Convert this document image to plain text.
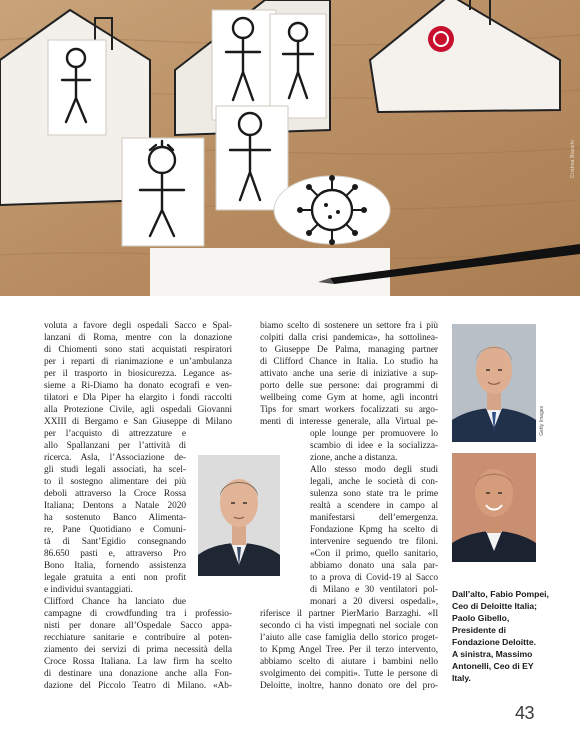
Cristina Bianchi
voluta a favore degli ospedali Sacco e Spal-
lanzani di Roma, mentre con la donazione
di Chiomenti sono stati acquistati respiratori
per i reparti di rianimazione e un’ambulanza
per il trasporto in biosicurezza. Legance as-
sieme a Ri-Diamo ha donato ecografi e ven-
tilatori e Dla Piper ha elargito i fondi raccolti
alla Protezione Civile, agli ospedali Giovanni
XXIII di Bergamo e San Giuseppe di Milano
per l’acquisto di attrezzature e
allo Spallanzani per l’attività di
ricerca. Asla, l’Associazione de-
gli studi legali associati, ha scel-
to il sostegno alimentare dei più
deboli attraverso la Croce Rossa
Italiana; Dentons a Natale 2020
ha sostenuto Banco Alimenta-
re, Pane Quotidiano e Comuni-
tà di Sant’Egidio consegnando
86.650 pasti e, attraverso Pro
Bono Italia, fornendo assistenza
legale gratuita a enti non profit
e individui svantaggiati.
Clifford Chance ha lanciato due
campagne di crowdfunding tra i professio-
nisti per donare all’Ospedale Sacco appa-
recchiature sanitarie e contribuire al poten-
ziamento dei servizi di prima necessità della
Croce Rossa Italiana. La law firm ha scelto
di destinare una donazione anche alla Fon-
dazione del Piccolo Teatro di Milano. «Ab-
biamo scelto di sostenere un settore fra i più
colpiti dalla crisi pandemica», ha sottolinea-
to Giuseppe De Palma, managing partner
di Clifford Chance in Italia. Lo studio ha
attivato anche una serie di iniziative a sup-
porto delle sue persone: dai programmi di
wellbeing come Gym at home, agli incontri
Tips for smart workers focalizzati su argo-
menti di interesse generale, alla Virtual pe-
ople lounge per promuovere lo
scambio di idee e la socializza-
zione, anche a distanza.
Allo stesso modo degli studi
legali, anche le società di con-
sulenza sono state tra le prime
realtà a scendere in campo al
manifestarsi dell’emergenza.
Fondazione Kpmg ha scelto di
intervenire seguendo tre filoni.
«Con il primo, quello sanitario,
abbiamo donato una sala par-
to a prova di Covid-19 al Sacco
di Milano e 30 ventilatori pol-
monari a 20 diversi ospedali»,
riferisce il partner PierMario Barzaghi. «Il
secondo ci ha visti impegnati nel sociale con
l’aiuto alle case famiglia dello storico proget-
to Kpmg Angel Tree. Per il terzo intervento,
abbiamo scelto di aiutare i bambini nello
svolgimento dei compiti». Tutte le persone di
Deloitte, inoltre, hanno donato ore del pro-
Getty Images
Dall’alto, Fabio Pompei,
Ceo di Deloitte Italia;
Paolo Gibello,
Presidente di
Fondazione Deloitte.
A sinistra, Massimo
Antonelli, Ceo di EY
Italy.
43
